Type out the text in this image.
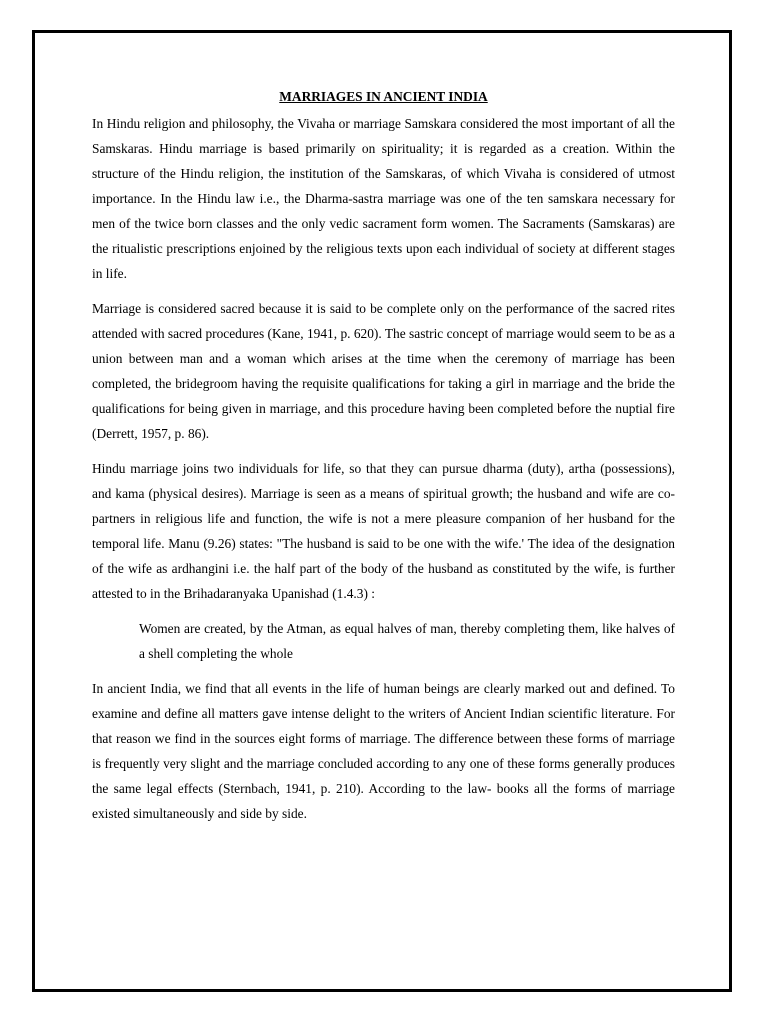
MARRIAGES IN ANCIENT INDIA

In Hindu religion and philosophy, the Vivaha or marriage Samskara considered the most important of all the Samskaras. Hindu marriage is based primarily on spirituality; it is regarded as a creation. Within the structure of the Hindu religion, the institution of the Samskaras, of which Vivaha is considered of utmost importance. In the Hindu law i.e., the Dharma-sastra marriage was one of the ten samskara necessary for men of the twice born classes and the only vedic sacrament form women. The Sacraments (Samskaras) are the ritualistic prescriptions enjoined by the religious texts upon each individual of society at different stages in life.

Marriage is considered sacred because it is said to be complete only on the performance of the sacred rites attended with sacred procedures (Kane, 1941, p. 620). The sastric concept of marriage would seem to be as a union between man and a woman which arises at the time when the ceremony of marriage has been completed, the bridegroom having the requisite qualifications for taking a girl in marriage and the bride the qualifications for being given in marriage, and this procedure having been completed before the nuptial fire (Derrett, 1957, p. 86).

Hindu marriage joins two individuals for life, so that they can pursue dharma (duty), artha (possessions), and kama (physical desires). Marriage is seen as a means of spiritual growth; the husband and wife are co-partners in religious life and function, the wife is not a mere pleasure companion of her husband for the temporal life. Manu (9.26) states: "The husband is said to be one with the wife.' The idea of the designation of the wife as ardhangini i.e. the half part of the body of the husband as constituted by the wife, is further attested to in the Brihadaranyaka Upanishad (1.4.3) :

Women are created, by the Atman, as equal halves of man, thereby completing them, like halves of a shell completing the whole

In ancient India, we find that all events in the life of human beings are clearly marked out and defined. To examine and define all matters gave intense delight to the writers of Ancient Indian scientific literature. For that reason we find in the sources eight forms of marriage. The difference between these forms of marriage is frequently very slight and the marriage concluded according to any one of these forms generally produces the same legal effects (Sternbach, 1941, p. 210). According to the law- books all the forms of marriage existed simultaneously and side by side.
